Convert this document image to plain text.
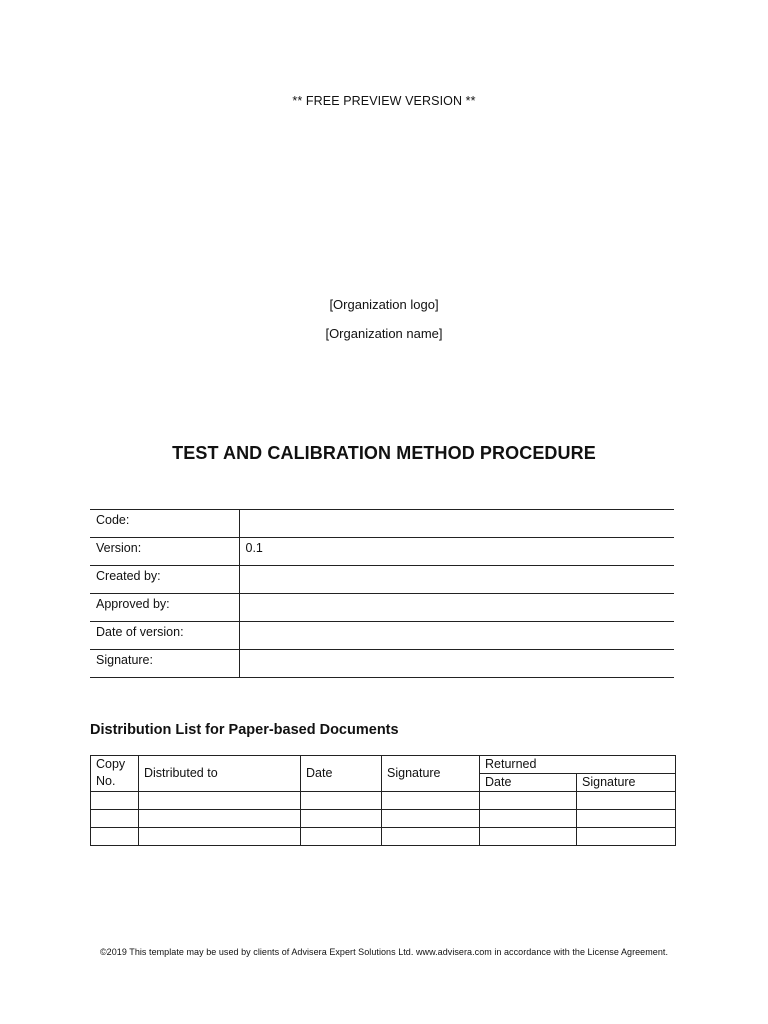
** FREE PREVIEW VERSION **
[Organization logo]
[Organization name]
TEST AND CALIBRATION METHOD PROCEDURE
Code:	
Version:	0.1
Created by:	
Approved by:	
Date of version:	
Signature:	
Distribution List for Paper-based Documents
Copy No.	Distributed to	Date	Signature	Returned	
				Date	Signature

©2019 This template may be used by clients of Advisera Expert Solutions Ltd. www.advisera.com in accordance with the License Agreement.
